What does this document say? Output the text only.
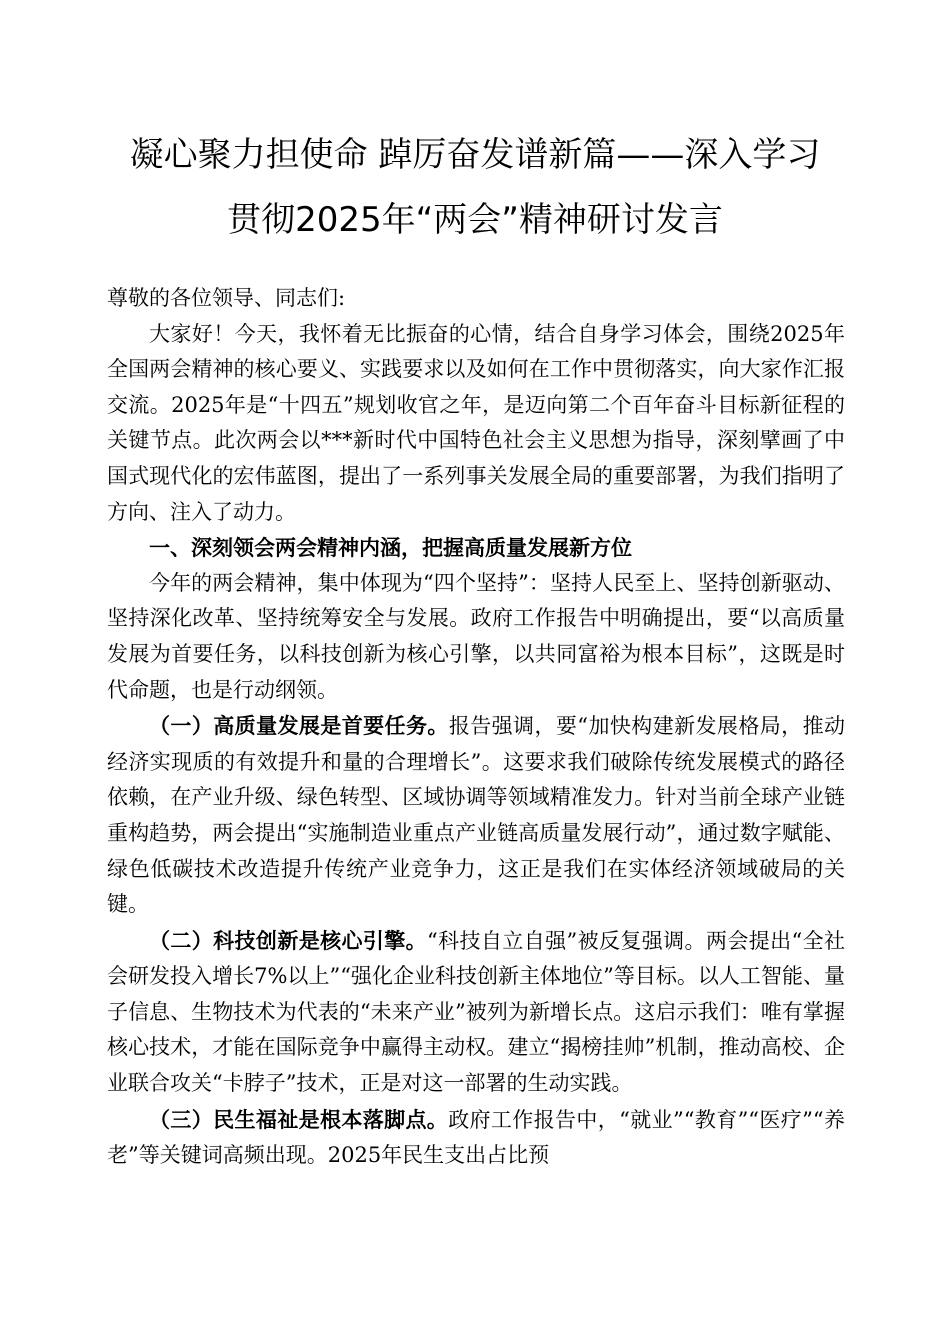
凝心聚力担使命 踔厉奋发谱新篇——深入学习
贯彻2025年“两会”精神研讨发言

尊敬的各位领导、同志们:

大家好！今天，我怀着无比振奋的心情，结合自身学习体会，围绕2025年全国两会精神的核心要义、实践要求以及如何在工作中贯彻落实，向大家作汇报交流。2025年是“十四五”规划收官之年，是迈向第二个百年奋斗目标新征程的关键节点。此次两会以***新时代中国特色社会主义思想为指导，深刻擘画了中国式现代化的宏伟蓝图，提出了一系列事关发展全局的重要部署，为我们指明了方向、注入了动力。

一、深刻领会两会精神内涵，把握高质量发展新方位

今年的两会精神，集中体现为“四个坚持”：坚持人民至上、坚持创新驱动、坚持深化改革、坚持统筹安全与发展。政府工作报告中明确提出，要“以高质量发展为首要任务，以科技创新为核心引擎，以共同富裕为根本目标”，这既是时代命题，也是行动纲领。

（一）高质量发展是首要任务。报告强调，要“加快构建新发展格局，推动经济实现质的有效提升和量的合理增长”。这要求我们破除传统发展模式的路径依赖，在产业升级、绿色转型、区域协调等领域精准发力。针对当前全球产业链重构趋势，两会提出“实施制造业重点产业链高质量发展行动”，通过数字赋能、绿色低碳技术改造提升传统产业竞争力，这正是我们在实体经济领域破局的关键。

（二）科技创新是核心引擎。“科技自立自强”被反复强调。两会提出“全社会研发投入增长7%以上”“强化企业科技创新主体地位”等目标。以人工智能、量子信息、生物技术为代表的“未来产业”被列为新增长点。这启示我们：唯有掌握核心技术，才能在国际竞争中赢得主动权。建立“揭榜挂帅”机制，推动高校、企业联合攻关“卡脖子”技术，正是对这一部署的生动实践。

（三）民生福祉是根本落脚点。政府工作报告中，“就业”“教育”“医疗”“养老”等关键词高频出现。2025年民生支出占比预
